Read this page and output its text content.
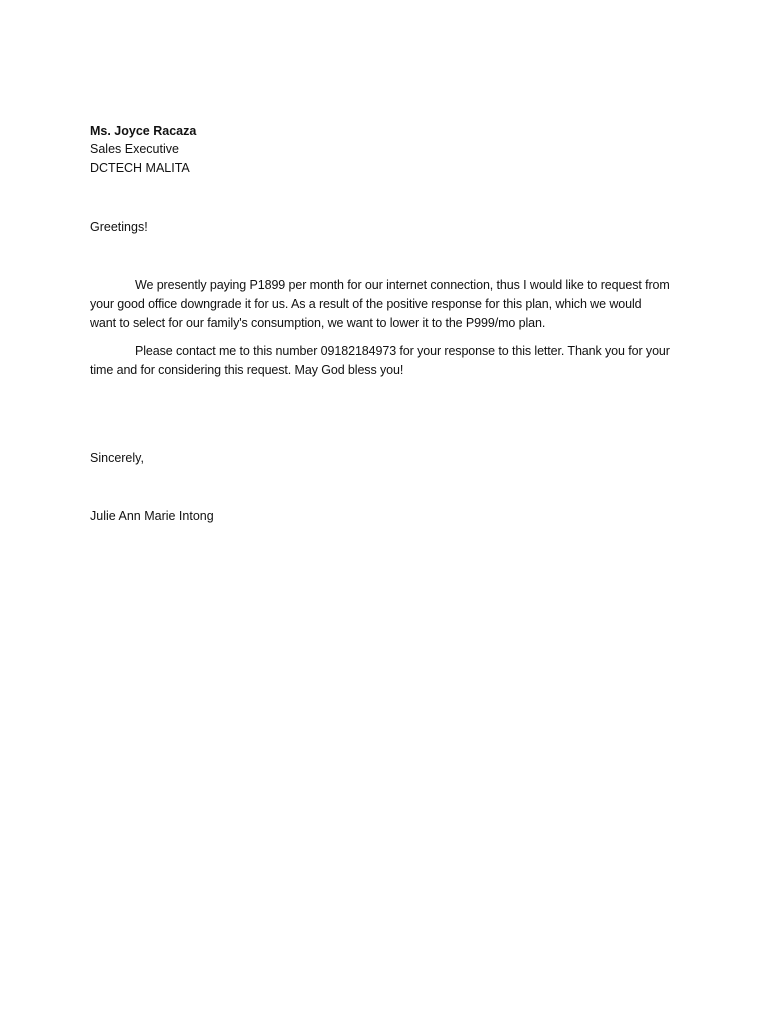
Ms. Joyce Racaza
Sales Executive
DCTECH MALITA
Greetings!
We presently paying P1899 per month for our internet connection, thus I would like to request from your good office downgrade it for us. As a result of the positive response for this plan, which we would want to select for our family's consumption, we want to lower it to the P999/mo plan.
Please contact me to this number 09182184973 for your response to this letter. Thank you for your time and for considering this request. May God bless you!
Sincerely,
Julie Ann Marie Intong
